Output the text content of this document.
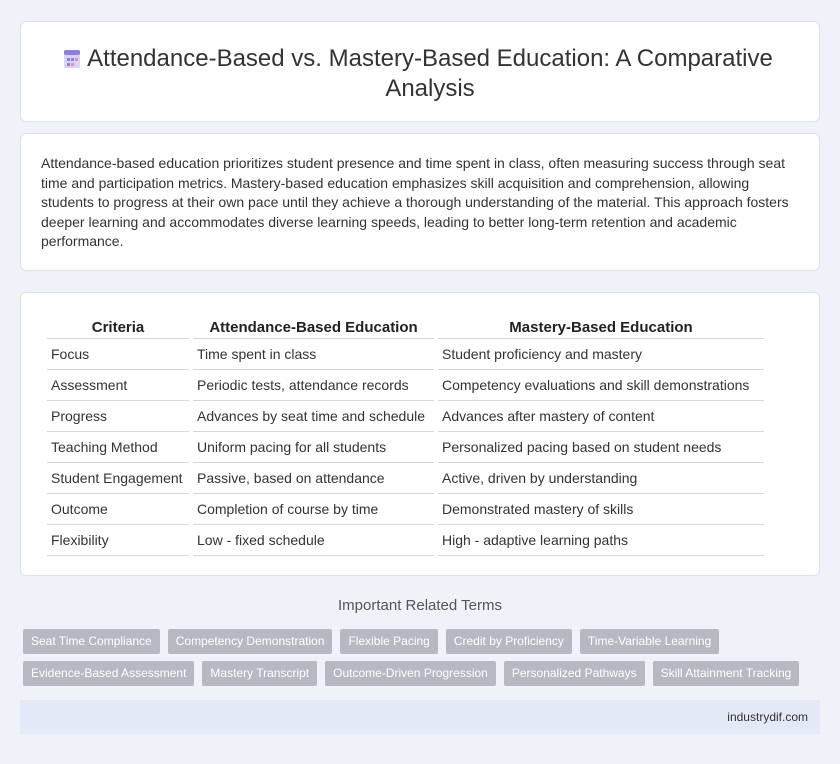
Attendance-Based vs. Mastery-Based Education: A Comparative Analysis

Attendance-based education prioritizes student presence and time spent in class, often measuring success through seat time and participation metrics. Mastery-based education emphasizes skill acquisition and comprehension, allowing students to progress at their own pace until they achieve a thorough understanding of the material. This approach fosters deeper learning and accommodates diverse learning speeds, leading to better long-term retention and academic performance.

Criteria	Attendance-Based Education	Mastery-Based Education
Focus	Time spent in class	Student proficiency and mastery
Assessment	Periodic tests, attendance records	Competency evaluations and skill demonstrations
Progress	Advances by seat time and schedule	Advances after mastery of content
Teaching Method	Uniform pacing for all students	Personalized pacing based on student needs
Student Engagement	Passive, based on attendance	Active, driven by understanding
Outcome	Completion of course by time	Demonstrated mastery of skills
Flexibility	Low - fixed schedule	High - adaptive learning paths
Important Related Terms
Seat Time Compliance	Competency Demonstration	Flexible Pacing	Credit by Proficiency	Time-Variable Learning
Evidence-Based Assessment	Mastery Transcript	Outcome-Driven Progression	Personalized Pathways	Skill Attainment Tracking
industrydif.com
